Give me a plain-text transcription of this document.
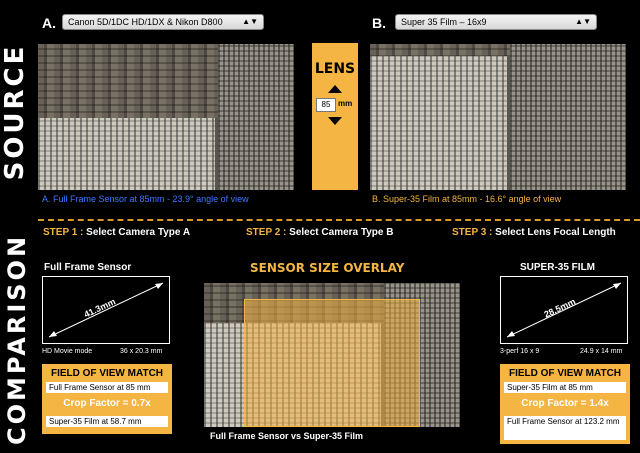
SOURCE
COMPARISON
A.	Canon 5D/1DC HD/1DX & Nikon D800 ▲▼	B.	Super 35 Film – 16x9	▲▼
A. Full Frame Sensor at 85mm - 23.9° angle of view	B. Super-35 Film at 85mm - 16.6° angle of view
LENS
85 mm
STEP 1 : Select Camera Type A	STEP 2 : Select Camera Type B	STEP 3 : Select Lens Focal Length
Full Frame Sensor
41.3mm
HD Movie mode	36 x 20.3 mm
FIELD OF VIEW MATCH
Full Frame Sensor at 85 mm
Crop Factor = 0.7x
Super-35 Film at 58.7 mm
SENSOR SIZE OVERLAY
Full Frame Sensor vs Super-35 Film
SUPER-35 FILM
28.5mm
3-perf 16 x 9	24.9 x 14 mm
FIELD OF VIEW MATCH
Super-35 Film at 85 mm
Crop Factor = 1.4x
Full Frame Sensor at 123.2 mm
